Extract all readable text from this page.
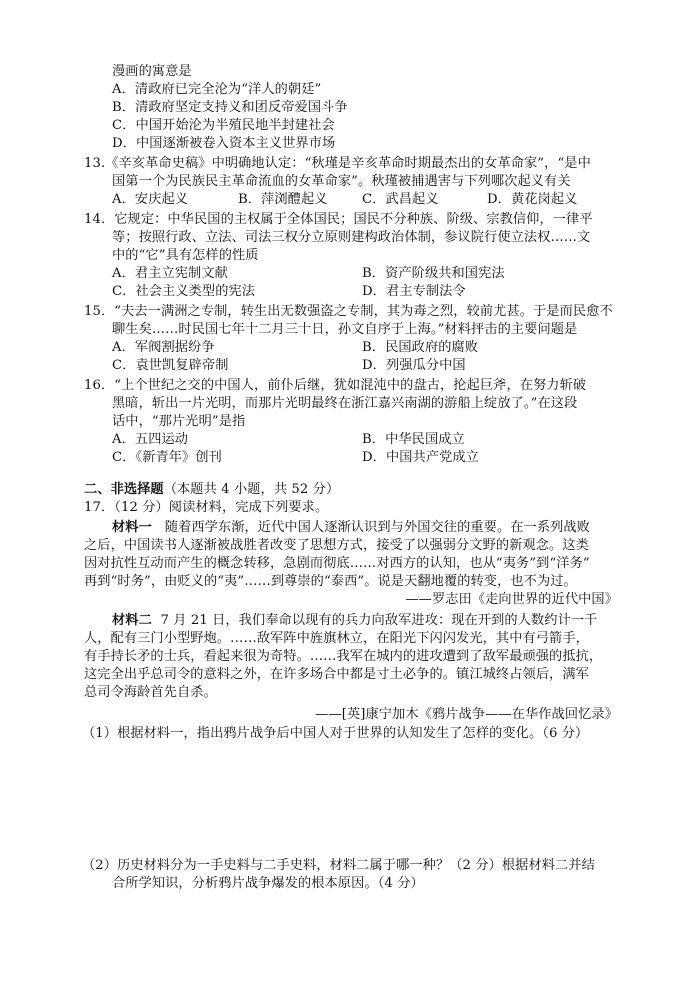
漫画的寓意是
A．清政府已完全沦为“洋人的朝廷”
B．清政府坚定支持义和团反帝爱国斗争
C．中国开始沦为半殖民地半封建社会
D．中国逐渐被卷入资本主义世界市场
13.《辛亥革命史稿》中明确地认定：“秋瑾是辛亥革命时期最杰出的女革命家”，“是中
国第一个为民族民主革命流血的女革命家”。秋瑾被捕遇害与下列哪次起义有关
A．安庆起义	B．萍浏醴起义	C．武昌起义	D．黄花岗起义
14．它规定：中华民国的主权属于全体国民；国民不分种族、阶级、宗教信仰，一律平
等；按照行政、立法、司法三权分立原则建构政治体制，参议院行使立法权……文
中的“它”具有怎样的性质
A．君主立宪制文献	B．资产阶级共和国宪法
C．社会主义类型的宪法	D．君主专制法令
15．“夫去一满洲之专制，转生出无数强盗之专制，其为毒之烈，较前尤甚。于是而民愈不
聊生矣……时民国七年十二月三十日，孙文自序于上海。”材料抨击的主要问题是
A．军阀割据纷争	B．民国政府的腐败
C．袁世凯复辟帝制	D．列强瓜分中国
16．“上个世纪之交的中国人，前仆后继，犹如混沌中的盘古，抡起巨斧，在努力斩破
黑暗，斩出一片光明，而那片光明最终在浙江嘉兴南湖的游船上绽放了。”在这段
话中，“那片光明”是指
A．五四运动	B．中华民国成立
C．《新青年》创刊	D．中国共产党成立
二、非选择题（本题共 4 小题，共 52 分）
17．（12 分）阅读材料，完成下列要求。
材料一 随着西学东渐，近代中国人逐渐认识到与外国交往的重要。在一系列战败
之后，中国读书人逐渐被战胜者改变了思想方式，接受了以强弱分文野的新观念。这类
因对抗性互动而产生的概念转移，急剧而彻底……对西方的认知，也从“夷务”到“洋务”
再到“时务”，由贬义的“夷”……到尊崇的“泰西”。说是天翻地覆的转变，也不为过。
——罗志田《走向世界的近代中国》
材料二 7 月 21 日，我们奉命以现有的兵力向敌军进攻：现在开到的人数约计一千
人，配有三门小型野炮。……敌军阵中旌旗林立，在阳光下闪闪发光，其中有弓箭手，
有手持长矛的士兵，看起来很为奇特。……我军在城内的进攻遭到了敌军最顽强的抵抗，
这完全出乎总司令的意料之外，在许多场合中都是寸土必争的。镇江城终占领后，满军
总司令海龄首先自杀。
——[英]康宁加木《鸦片战争——在华作战回忆录》
（1）根据材料一，指出鸦片战争后中国人对于世界的认知发生了怎样的变化。（6 分）
（2）历史材料分为一手史料与二手史料，材料二属于哪一种？（2 分）根据材料二并结
合所学知识，分析鸦片战争爆发的根本原因。（4 分）
